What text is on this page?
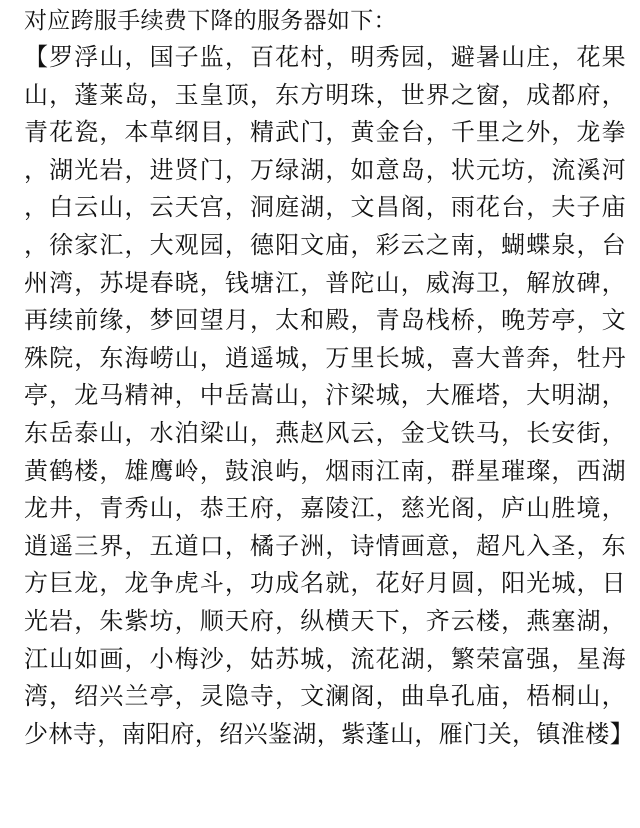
对应跨服手续费下降的服务器如下：

【罗浮山，国子监，百花村，明秀园，避暑山庄，花果山，蓬莱岛，玉皇顶，东方明珠，世界之窗，成都府，青花瓷，本草纲目，精武门，黄金台，千里之外，龙拳，湖光岩，进贤门，万绿湖，如意岛，状元坊，流溪河，白云山，云天宫，洞庭湖，文昌阁，雨花台，夫子庙，徐家汇，大观园，德阳文庙，彩云之南，蝴蝶泉，台州湾，苏堤春晓，钱塘江，普陀山，威海卫，解放碑，再续前缘，梦回望月，太和殿，青岛栈桥，晚芳亭，文殊院，东海崂山，逍遥城，万里长城，喜大普奔，牡丹亭，龙马精神，中岳嵩山，汴梁城，大雁塔，大明湖，东岳泰山，水泊梁山，燕赵风云，金戈铁马，长安街，黄鹤楼，雄鹰岭，鼓浪屿，烟雨江南，群星璀璨，西湖龙井，青秀山，恭王府，嘉陵江，慈光阁，庐山胜境，逍遥三界，五道口，橘子洲，诗情画意，超凡入圣，东方巨龙，龙争虎斗，功成名就，花好月圆，阳光城，日光岩，朱紫坊，顺天府，纵横天下，齐云楼，燕塞湖，江山如画，小梅沙，姑苏城，流花湖，繁荣富强，星海湾，绍兴兰亭，灵隐寺，文澜阁，曲阜孔庙，梧桐山，少林寺，南阳府，绍兴鉴湖，紫蓬山，雁门关，镇淮楼】
